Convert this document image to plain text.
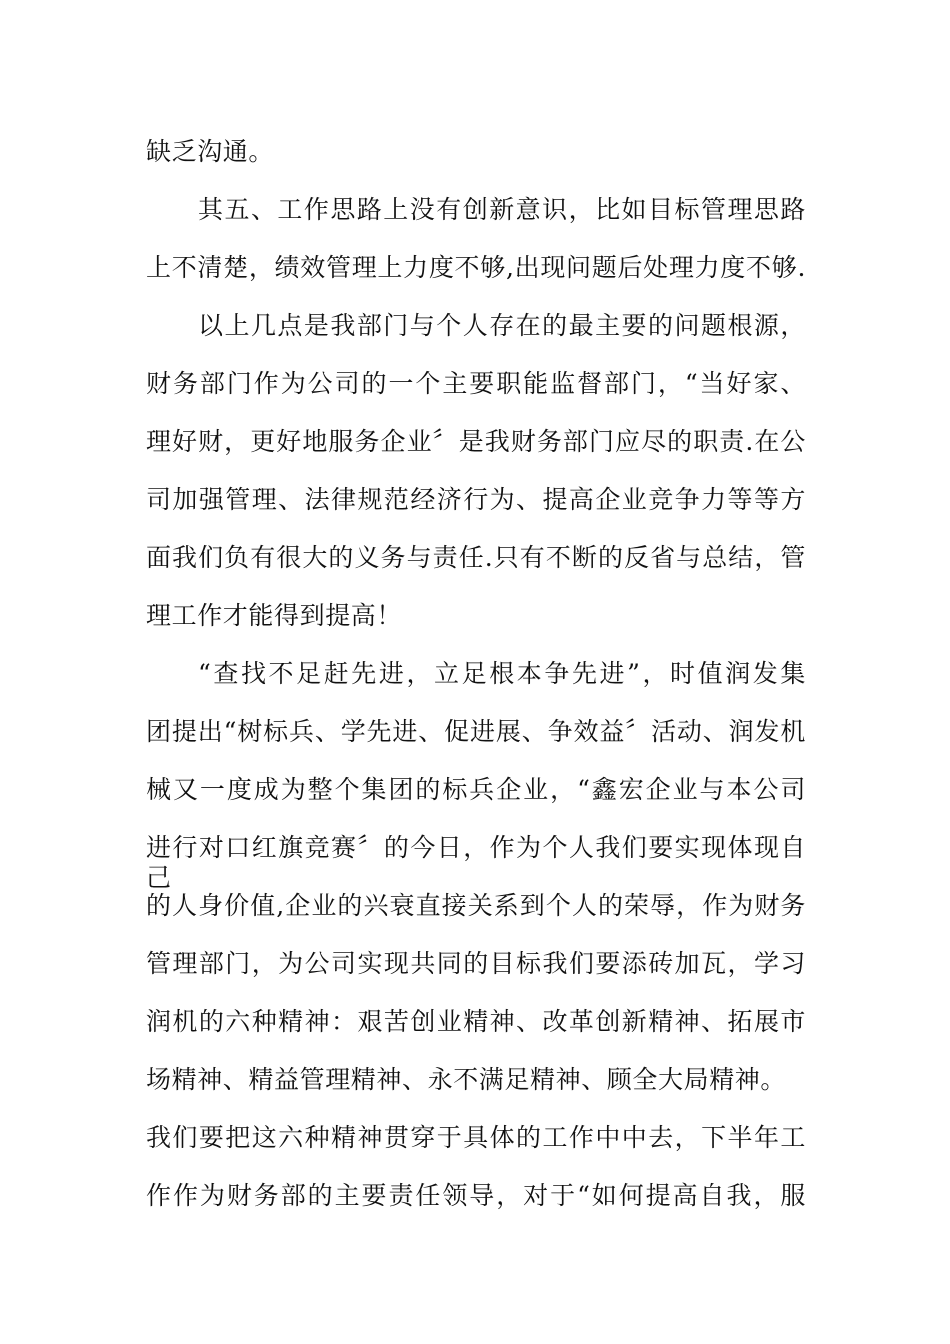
缺乏沟通。

其五、工作思路上没有创新意识，比如目标管理思路

上不清楚，绩效管理上力度不够,出现问题后处理力度不够.

以上几点是我部门与个人存在的最主要的问题根源，

财务部门作为公司的一个主要职能监督部门，“当好家、

理好财，更好地服务企业〞是我财务部门应尽的职责.在公

司加强管理、法律规范经济行为、提高企业竞争力等等方

面我们负有很大的义务与责任.只有不断的反省与总结，管

理工作才能得到提高！

“查找不足赶先进，立足根本争先进”，时值润发集

团提出“树标兵、学先进、促进展、争效益〞活动、润发机

械又一度成为整个集团的标兵企业，“鑫宏企业与本公司

进行对口红旗竞赛〞的今日，作为个人我们要实现体现自己

的人身价值,企业的兴衰直接关系到个人的荣辱，作为财务

管理部门，为公司实现共同的目标我们要添砖加瓦，学习

润机的六种精神：艰苦创业精神、改革创新精神、拓展市

场精神、精益管理精神、永不满足精神、顾全大局精神。

我们要把这六种精神贯穿于具体的工作中中去，下半年工

作作为财务部的主要责任领导，对于“如何提高自我，服
